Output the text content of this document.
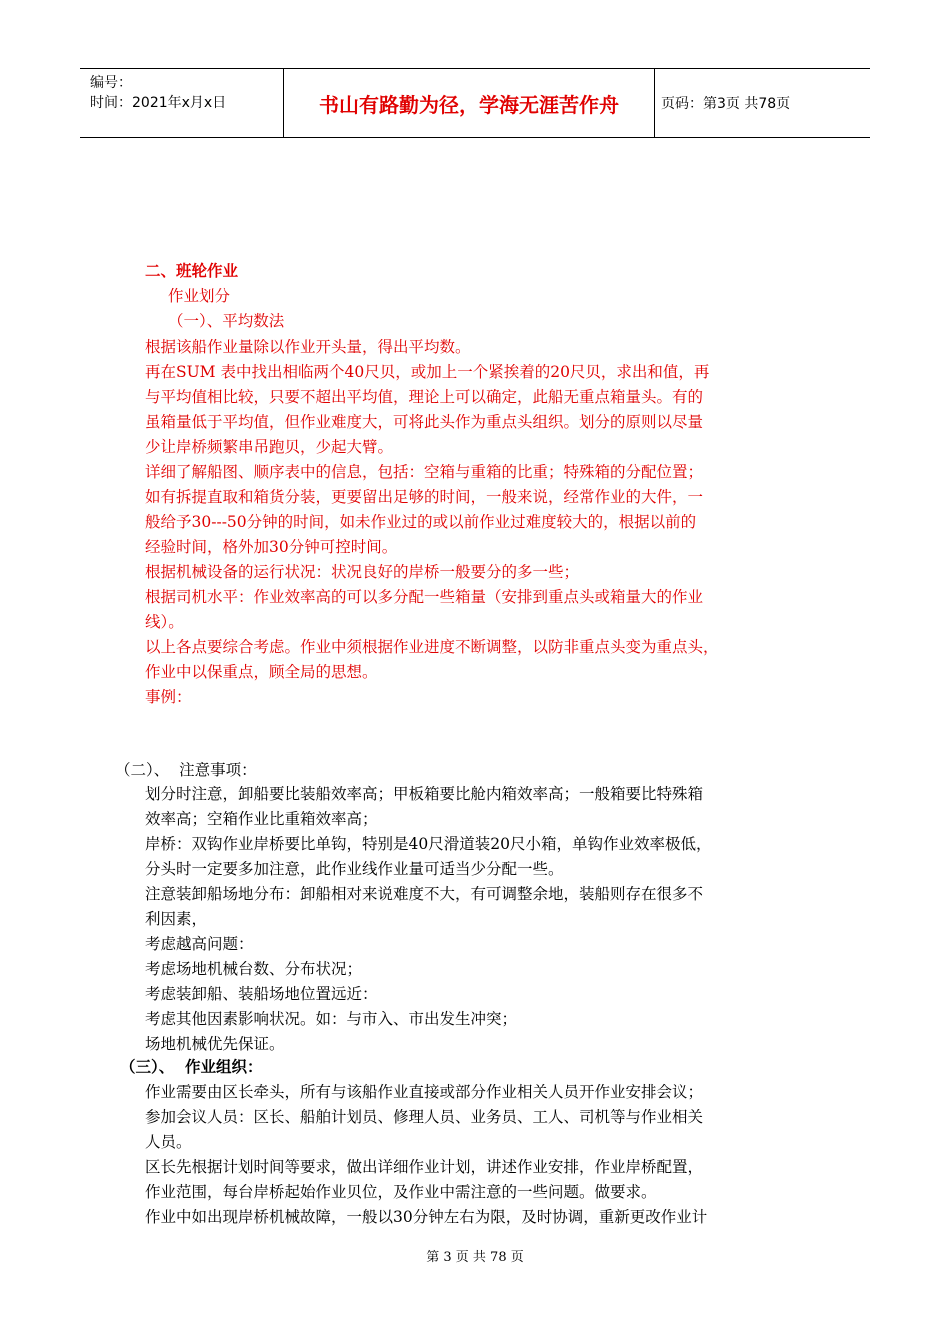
编号：
时间：2021年x月x日	书山有路勤为径，学海无涯苦作舟	页码：第3页 共78页

二、班轮作业

作业划分

（一）、平均数法

根据该船作业量除以作业开头量，得出平均数。

再在SUM 表中找出相临两个40尺贝，或加上一个紧挨着的20尺贝，求出和值，再

与平均值相比较，只要不超出平均值，理论上可以确定，此船无重点箱量头。有的

虽箱量低于平均值，但作业难度大，可将此头作为重点头组织。划分的原则以尽量

少让岸桥频繁串吊跑贝，少起大臂。

详细了解船图、顺序表中的信息，包括：空箱与重箱的比重；特殊箱的分配位置；

如有拆提直取和箱货分装，更要留出足够的时间，一般来说，经常作业的大件，一

般给予30---50分钟的时间，如未作业过的或以前作业过难度较大的，根据以前的

经验时间，格外加30分钟可控时间。

根据机械设备的运行状况：状况良好的岸桥一般要分的多一些；

根据司机水平：作业效率高的可以多分配一些箱量（安排到重点头或箱量大的作业

线）。

以上各点要综合考虑。作业中须根据作业进度不断调整，以防非重点头变为重点头，

作业中以保重点，顾全局的思想。

事例：

（二）、  注意事项：

划分时注意，卸船要比装船效率高；甲板箱要比舱内箱效率高；一般箱要比特殊箱

效率高；空箱作业比重箱效率高；

岸桥：双钩作业岸桥要比单钩，特别是40尺滑道装20尺小箱，单钩作业效率极低，

分头时一定要多加注意，此作业线作业量可适当少分配一些。

注意装卸船场地分布：卸船相对来说难度不大，有可调整余地，装船则存在很多不

利因素，

考虑越高问题：

考虑场地机械台数、分布状况；

考虑装卸船、装船场地位置远近：

考虑其他因素影响状况。如：与市入、市出发生冲突；

场地机械优先保证。

（三）、  作业组织：

作业需要由区长牵头，所有与该船作业直接或部分作业相关人员开作业安排会议；

参加会议人员：区长、船舶计划员、修理人员、业务员、工人、司机等与作业相关

人员。

区长先根据计划时间等要求，做出详细作业计划，讲述作业安排，作业岸桥配置，

作业范围，每台岸桥起始作业贝位，及作业中需注意的一些问题。做要求。

作业中如出现岸桥机械故障，一般以30分钟左右为限，及时协调，重新更改作业计

第 3 页 共 78 页
